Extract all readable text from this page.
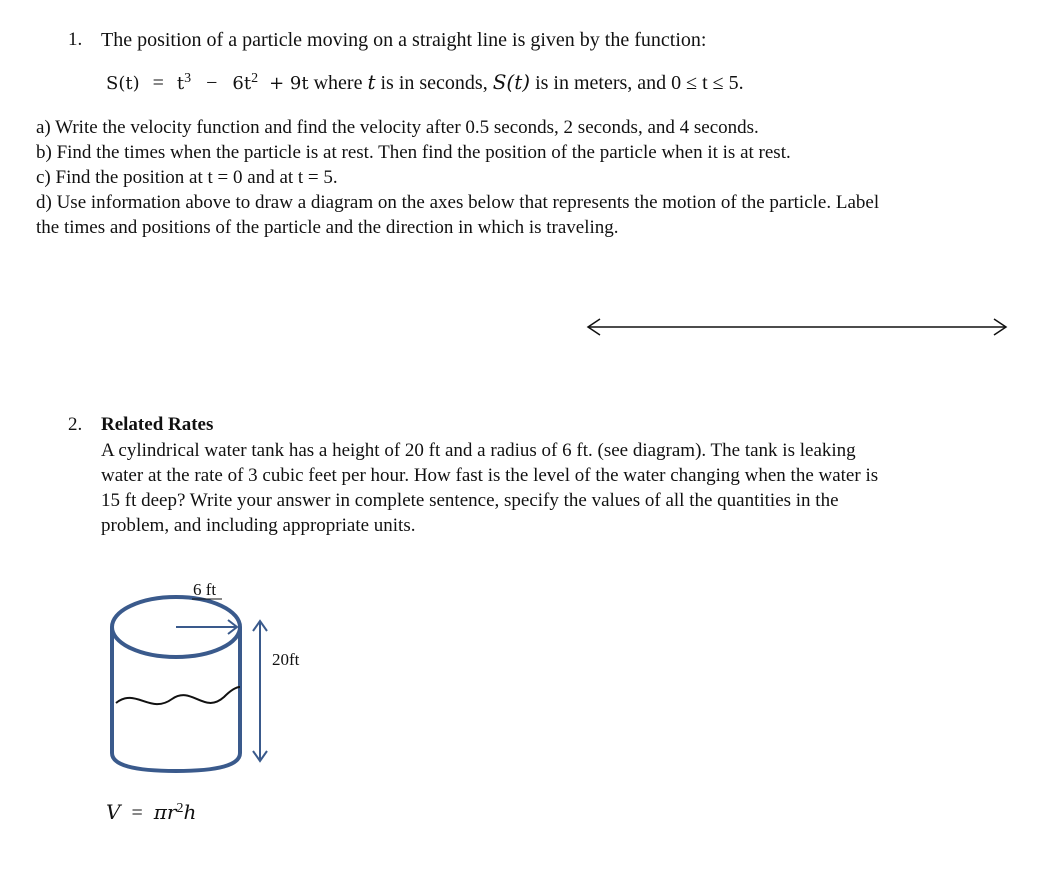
1. The position of a particle moving on a straight line is given by the function:
$S(t) = t^3 - 6t^2 + 9t$ where t is in seconds, S(t) is in meters, and 0 ≤ t ≤ 5.
a) Write the velocity function and find the velocity after 0.5 seconds, 2 seconds, and 4 seconds.
b) Find the times when the particle is at rest. Then find the position of the particle when it is at rest.
c) Find the position at t = 0 and at t = 5.
d) Use information above to draw a diagram on the axes below that represents the motion of the particle. Label
the times and positions of the particle and the direction in which is traveling.
2. Related Rates
A cylindrical water tank has a height of 20 ft and a radius of 6 ft. (see diagram). The tank is leaking
water at the rate of 3 cubic feet per hour. How fast is the level of the water changing when the water is
15 ft deep? Write your answer in complete sentence, specify the values of all the quantities in the
problem, and including appropriate units.
6 ft
20ft
$V = \pi r^2h$
